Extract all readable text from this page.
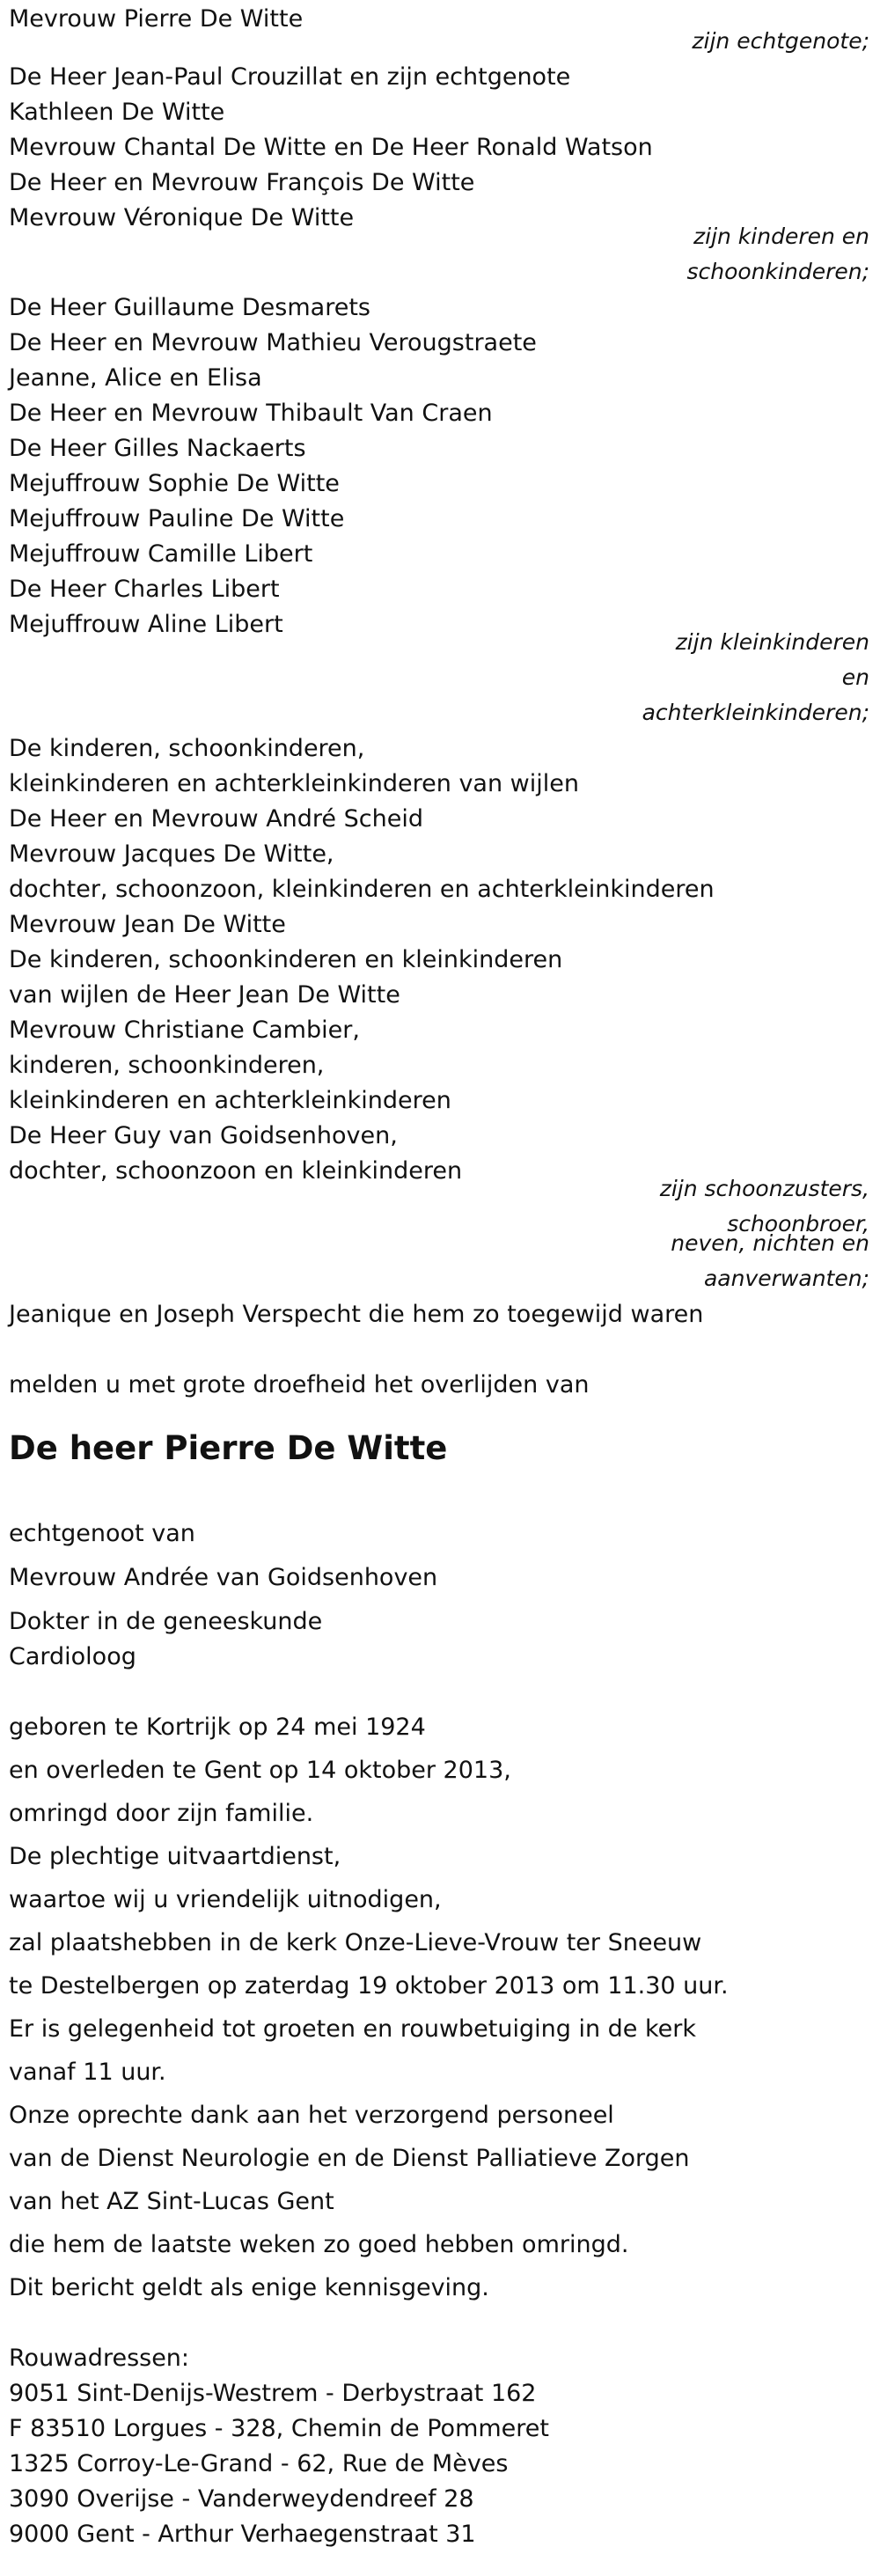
Mevrouw Pierre De Witte

zijn echtgenote;

De Heer Jean-Paul Crouzillat en zijn echtgenote

Kathleen De Witte

Mevrouw Chantal De Witte en De Heer Ronald Watson

De Heer en Mevrouw François De Witte

Mevrouw Véronique De Witte

zijn kinderen en

schoonkinderen;

De Heer Guillaume Desmarets

De Heer en Mevrouw Mathieu Verougstraete

Jeanne, Alice en Elisa

De Heer en Mevrouw Thibault Van Craen

De Heer Gilles Nackaerts

Mejuffrouw Sophie De Witte

Mejuffrouw Pauline De Witte

Mejuffrouw Camille Libert

De Heer Charles Libert

Mejuffrouw Aline Libert

zijn kleinkinderen

en

achterkleinkinderen;

De kinderen, schoonkinderen,

kleinkinderen en achterkleinkinderen van wijlen

De Heer en Mevrouw André Scheid

Mevrouw Jacques De Witte,

dochter, schoonzoon, kleinkinderen en achterkleinkinderen

Mevrouw Jean De Witte

De kinderen, schoonkinderen en kleinkinderen

van wijlen de Heer Jean De Witte

Mevrouw Christiane Cambier,

kinderen, schoonkinderen,

kleinkinderen en achterkleinkinderen

De Heer Guy van Goidsenhoven,

dochter, schoonzoon en kleinkinderen

zijn schoonzusters,

schoonbroer,

neven, nichten en

aanverwanten;

Jeanique en Joseph Verspecht die hem zo toegewijd waren

melden u met grote droefheid het overlijden van

De heer Pierre De Witte

echtgenoot van

Mevrouw Andrée van Goidsenhoven

Dokter in de geneeskunde

Cardioloog

geboren te Kortrijk op 24 mei 1924

en overleden te Gent op 14 oktober 2013,

omringd door zijn familie.

De plechtige uitvaartdienst,

waartoe wij u vriendelijk uitnodigen,

zal plaatshebben in de kerk Onze-Lieve-Vrouw ter Sneeuw

te Destelbergen op zaterdag 19 oktober 2013 om 11.30 uur.

Er is gelegenheid tot groeten en rouwbetuiging in de kerk

vanaf 11 uur.

Onze oprechte dank aan het verzorgend personeel

van de Dienst Neurologie en de Dienst Palliatieve Zorgen

van het AZ Sint-Lucas Gent

die hem de laatste weken zo goed hebben omringd.

Dit bericht geldt als enige kennisgeving.

Rouwadressen:

9051 Sint-Denijs-Westrem - Derbystraat 162

F 83510 Lorgues - 328, Chemin de Pommeret

1325 Corroy-Le-Grand - 62, Rue de Mèves

3090 Overijse - Vanderweydendreef 28

9000 Gent - Arthur Verhaegenstraat 31
